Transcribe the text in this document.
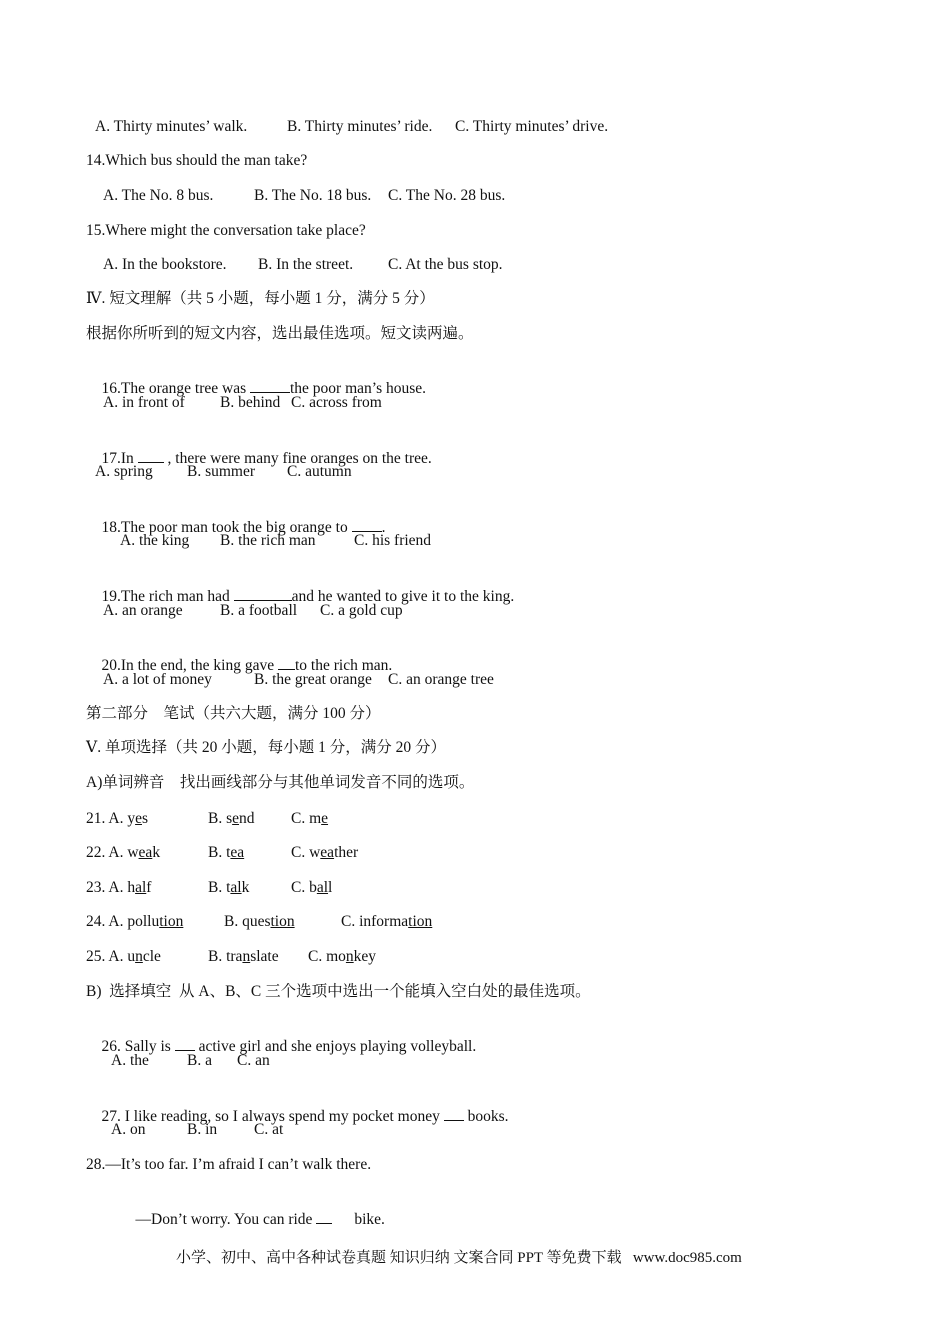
A. Thirty minutes’ walk.	B. Thirty minutes’ ride. C. Thirty minutes’ drive.
14.Which bus should the man take?
A. The No. 8 bus.	B. The No. 18 bus. C. The No. 28 bus.
15.Where might the conversation take place?
A. In the bookstore. B. In the street. C. At the bus stop.
Ⅳ. 短文理解（共 5 小题，每小题 1 分，满分 5 分）
根据你所听到的短文内容，选出最佳选项。短文读两遍。

16.The orange tree was	the poor man’s house.

A. in front of B. behind C. across from

17.In  , there were many fine oranges on the tree.

A. spring B. summer C. autumn

18.The poor man took the big orange to .

A. the king B. the rich man C. his friend

19.The rich man had	and he wanted to give it to the king.

A. an orange B. a football C. a gold cup

20.In the end, the king gave to the rich man.

A. a lot of money	B. the great orange C. an orange tree
第二部分　笔试（共六大题，满分 100 分）
Ⅴ. 单项选择（共 20 小题，每小题 1 分，满分 20 分）
A)单词辨音　找出画线部分与其他单词发音不同的选项。
21. A. yes	B. send C. me
22. A. weak	B. tea	C. weather
23. A. half	B. talk	C. ball
24. A. pollution	B. question	C. information
25. A. uncle	B. translate C. monkey
B)  选择填空  从 A、B、C 三个选项中选出一个能填入空白处的最佳选项。

26. Sally is  active girl and she enjoys playing volleyball.

A. the B. a C. an

27. I like reading, so I always spend my pocket money  books.

A. on	B. in C. at
28.—It’s too far. I’m afraid I can’t walk there.

—Don’t worry. You can ride bike.

小学、初中、高中各种试卷真题 知识归纳 文案合同 PPT 等免费下载   www.doc985.com
